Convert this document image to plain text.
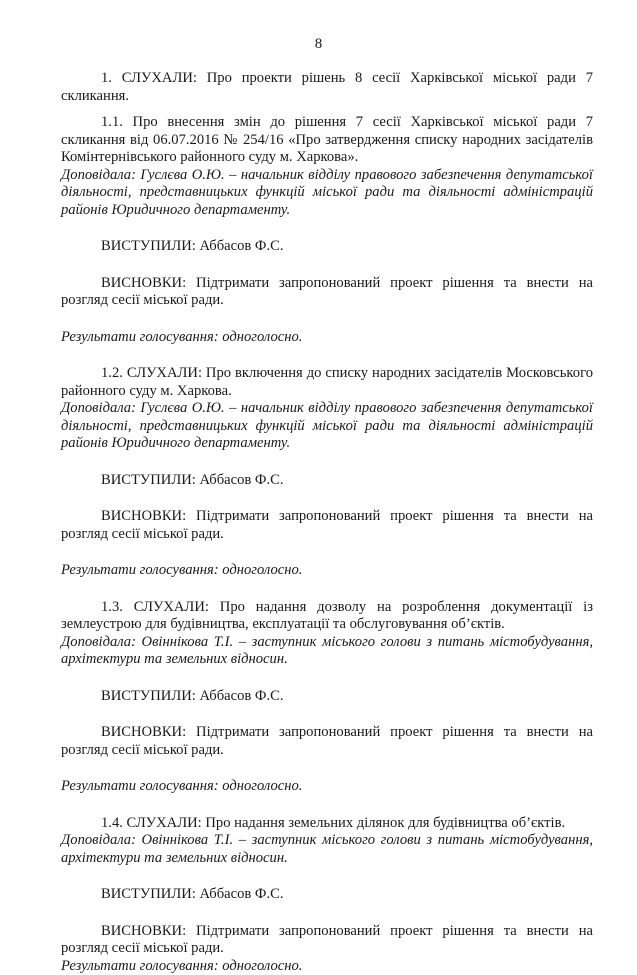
8

1. СЛУХАЛИ: Про проекти рішень 8 сесії Харківської міської ради 7 скликання.

1.1. Про внесення змін до рішення 7 сесії Харківської міської ради 7 скликання від 06.07.2016 № 254/16 «Про затвердження списку народних засідателів Комінтернівського районного суду м. Харкова».

Доповідала: Гуслєва О.Ю. – начальник відділу правового забезпечення депутатської діяльності, представницьких функцій міської ради та діяльності адміністрацій районів Юридичного департаменту.

ВИСТУПИЛИ: Аббасов Ф.С.

ВИСНОВКИ: Підтримати запропонований проект рішення та внести на розгляд сесії міської ради.

Результати голосування: одноголосно.

1.2. СЛУХАЛИ: Про включення до списку народних засідателів Московського районного суду м. Харкова.

Доповідала: Гуслєва О.Ю. – начальник відділу правового забезпечення депутатської діяльності, представницьких функцій міської ради та діяльності адміністрацій районів Юридичного департаменту.

ВИСТУПИЛИ: Аббасов Ф.С.

ВИСНОВКИ: Підтримати запропонований проект рішення та внести на розгляд сесії міської ради.

Результати голосування: одноголосно.

1.3. СЛУХАЛИ: Про надання дозволу на розроблення документації із землеустрою для будівництва, експлуатації та обслуговування об’єктів.

Доповідала: Овіннікова Т.І. – заступник міського голови з питань містобудування, архітектури та земельних відносин.

ВИСТУПИЛИ: Аббасов Ф.С.

ВИСНОВКИ: Підтримати запропонований проект рішення та внести на розгляд сесії міської ради.

Результати голосування: одноголосно.

1.4. СЛУХАЛИ: Про надання земельних ділянок для будівництва об’єктів.

Доповідала: Овіннікова Т.І. – заступник міського голови з питань містобудування, архітектури та земельних відносин.

ВИСТУПИЛИ: Аббасов Ф.С.

ВИСНОВКИ: Підтримати запропонований проект рішення та внести на розгляд сесії міської ради.

Результати голосування: одноголосно.
